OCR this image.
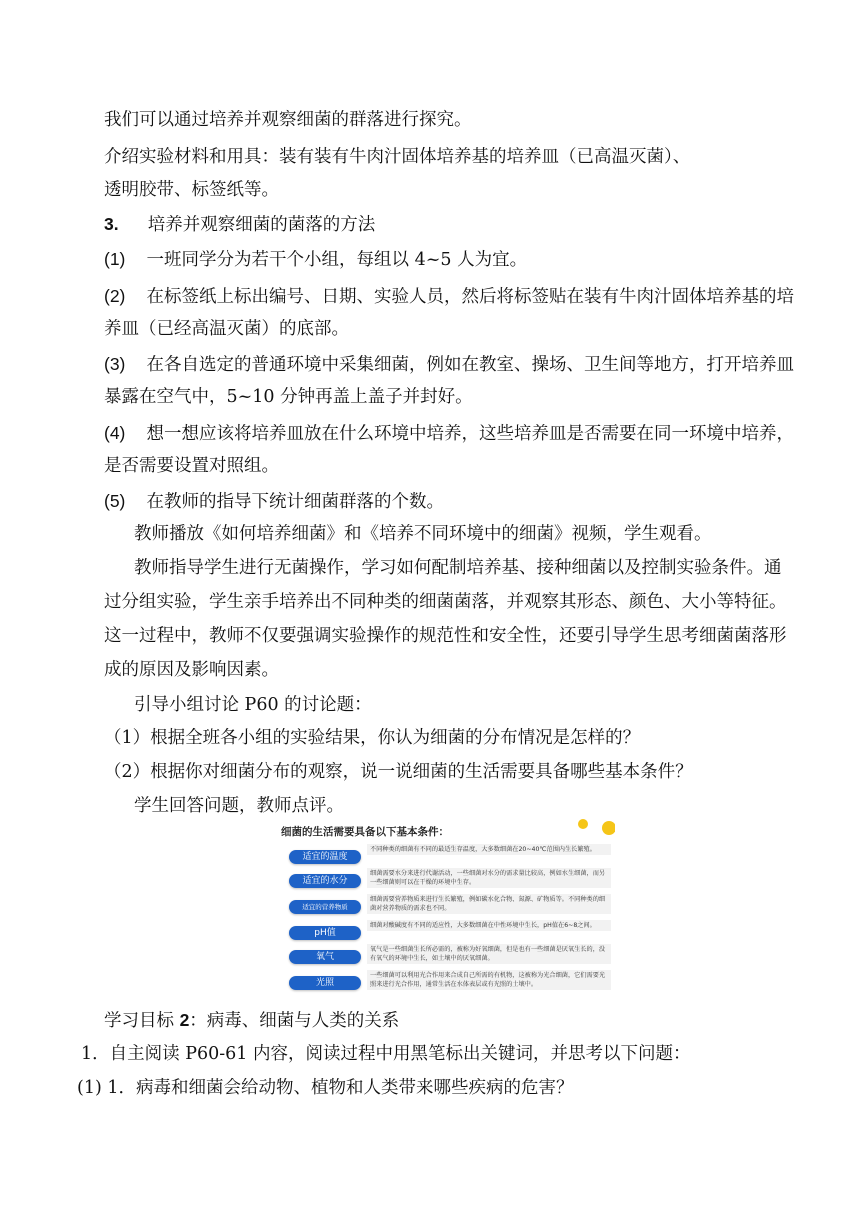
我们可以通过培养并观察细菌的群落进行探究。

介绍实验材料和用具：装有装有牛肉汁固体培养基的培养皿（已高温灭菌）、

透明胶带、标签纸等。

3. 培养并观察细菌的菌落的方法

(1) 一班同学分为若干个小组，每组以 4~5 人为宜。

(2) 在标签纸上标出编号、日期、实验人员，然后将标签贴在装有牛肉汁固体培养基的培

养皿（已经高温灭菌）的底部。

(3) 在各自选定的普通环境中采集细菌，例如在教室、操场、卫生间等地方，打开培养皿

暴露在空气中，5~10 分钟再盖上盖子并封好。

(4) 想一想应该将培养皿放在什么环境中培养，这些培养皿是否需要在同一环境中培养，

是否需要设置对照组。

(5) 在教师的指导下统计细菌群落的个数。

教师播放《如何培养细菌》和《培养不同环境中的细菌》视频，学生观看。

教师指导学生进行无菌操作，学习如何配制培养基、接种细菌以及控制实验条件。通

过分组实验，学生亲手培养出不同种类的细菌菌落，并观察其形态、颜色、大小等特征。

这一过程中，教师不仅要强调实验操作的规范性和安全性，还要引导学生思考细菌菌落形

成的原因及影响因素。

引导小组讨论 P60 的讨论题：

（1）根据全班各小组的实验结果，你认为细菌的分布情况是怎样的？

（2）根据你对细菌分布的观察，说一说细菌的生活需要具备哪些基本条件？

学生回答问题，教师点评。

细菌的生活需要具备以下基本条件：
适宜的温度
不同种类的细菌有不同的最适生存温度，大多数细菌在20~40℃范围内生长繁殖。
适宜的水分
细菌需要水分来进行代谢活动，一些细菌对水分的需求量比较高，例如水生细菌，而另一些细菌则可以在干燥的环境中生存。
适宜的营养物质
细菌需要营养物质来进行生长繁殖，例如碳水化合物、氮源、矿物质等。不同种类的细菌对营养物质的需求也不同。
pH值
细菌对酸碱度有不同的适应性，大多数细菌在中性环境中生长，pH值在6~8之间。
氧气
氧气是一些细菌生长所必需的，被称为好氧细菌，但是也有一些细菌是厌氧生长的，没有氧气的环境中生长，如土壤中的厌氧细菌。
光照
一些细菌可以利用光合作用来合成自己所需的有机物，这被称为光合细菌，它们需要光照来进行光合作用，通常生活在水体表层或有光照的土壤中。

学习目标 2：病毒、细菌与人类的关系

1．自主阅读 P60-61 内容，阅读过程中用黑笔标出关键词，并思考以下问题：

(1) 1．病毒和细菌会给动物、植物和人类带来哪些疾病的危害？
